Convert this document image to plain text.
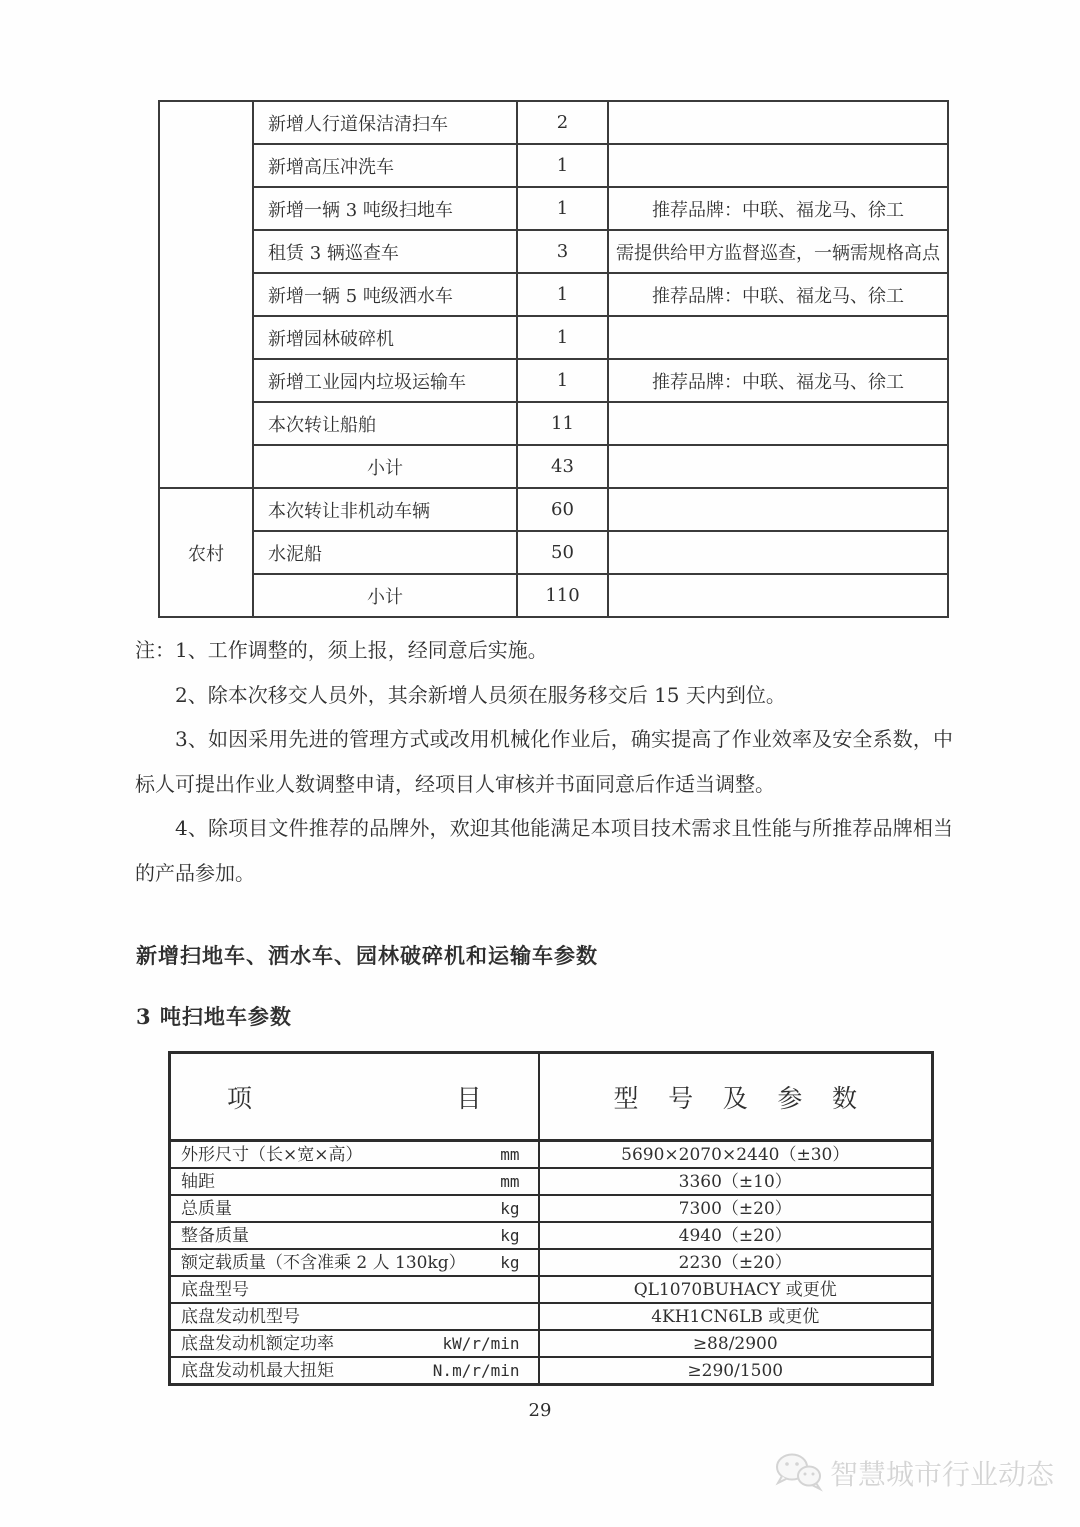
	新增人行道保洁清扫车	2	
	新增高压冲洗车	1	
	新增一辆 3 吨级扫地车	1	推荐品牌：中联、福龙马、徐工
	租赁 3 辆巡查车	3	需提供给甲方监督巡查，一辆需规格高点
	新增一辆 5 吨级洒水车	1	推荐品牌：中联、福龙马、徐工
	新增园林破碎机	1	
	新增工业园内垃圾运输车	1	推荐品牌：中联、福龙马、徐工
	本次转让船舶	11	
	小计	43	
农村	本次转让非机动车辆	60	
	水泥船	50	
	小计	110	

注：1、工作调整的，须上报，经同意后实施。

2、除本次移交人员外，其余新增人员须在服务移交后 15 天内到位。

3、如因采用先进的管理方式或改用机械化作业后，确实提高了作业效率及安全系数，中标人可提出作业人数调整申请，经项目人审核并书面同意后作适当调整。

4、除项目文件推荐的品牌外，欢迎其他能满足本项目技术需求且性能与所推荐品牌相当的产品参加。

新增扫地车、洒水车、园林破碎机和运输车参数
3 吨扫地车参数
项 目	型 号 及 参 数

外形尺寸（长×宽×高） mm	5690×2070×2440（±30）

轴距 mm	3360（±10）

总质量 kg	7300（±20）

整备质量 kg	4940（±20）

额定载质量（不含准乘 2 人 130kg） kg	2230（±20）

底盘型号	QL1070BUHACY 或更优

底盘发动机型号	4KH1CN6LB 或更优

底盘发动机额定功率 kW/r/min	≥88/2900

底盘发动机最大扭矩 N.m/r/min	≥290/1500
29
智慧城市行业动态
